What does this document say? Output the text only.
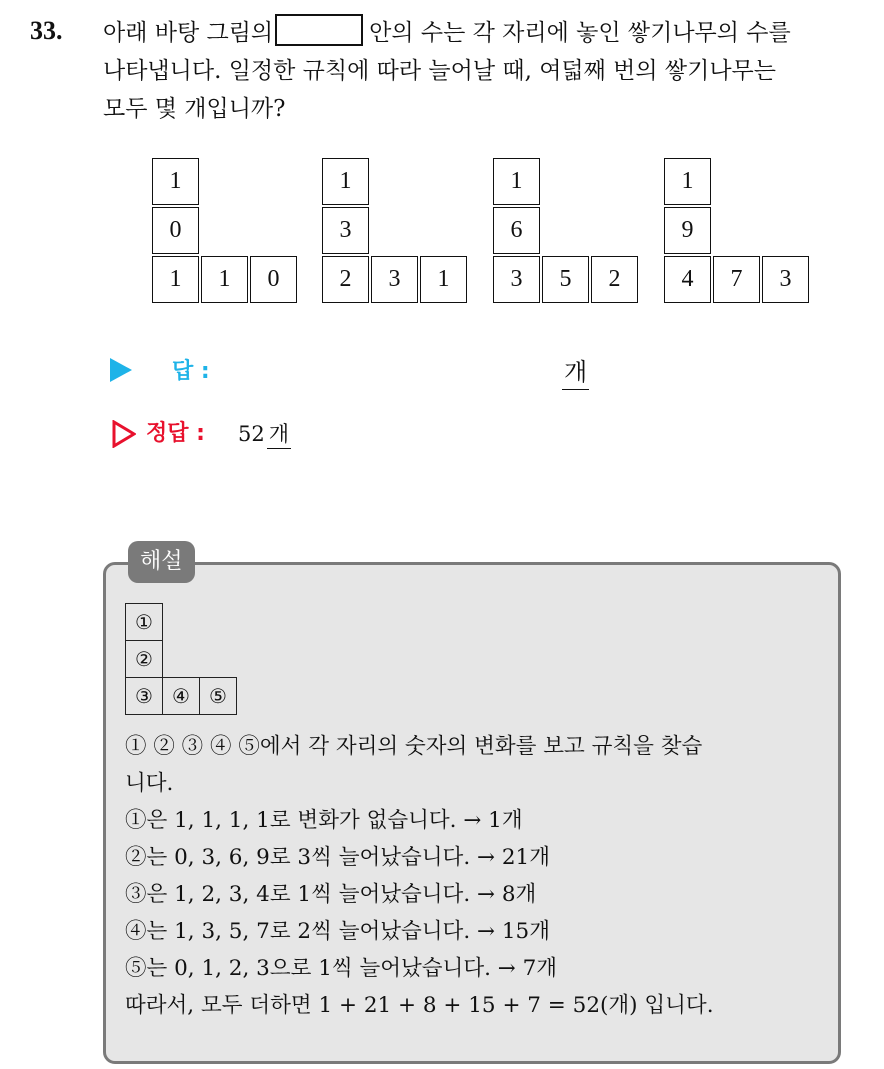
33. 아래 바탕 그림의	안의 수는 각 자리에 놓인 쌓기나무의 수를
나타냅니다. 일정한 규칙에 따라 늘어날 때, 여덟째 번의 쌓기나무는
모두 몇 개입니까?
1
0
1	1	0
1
3
2	3	1
1
6
3	5	2
1
9
4	7	3
답 :	개
정답 : 52 개
해설
①
②
③ ④ ⑤
① ② ③ ④ ⑤에서 각 자리의 숫자의 변화를 보고 규칙을 찾습
니다.
①은 1, 1, 1, 1로 변화가 없습니다. → 1개
②는 0, 3, 6, 9로 3씩 늘어났습니다. → 21개
③은 1, 2, 3, 4로 1씩 늘어났습니다. → 8개
④는 1, 3, 5, 7로 2씩 늘어났습니다. → 15개
⑤는 0, 1, 2, 3으로 1씩 늘어났습니다. → 7개
따라서, 모두 더하면 1 + 21 + 8 + 15 + 7 = 52(개) 입니다.
